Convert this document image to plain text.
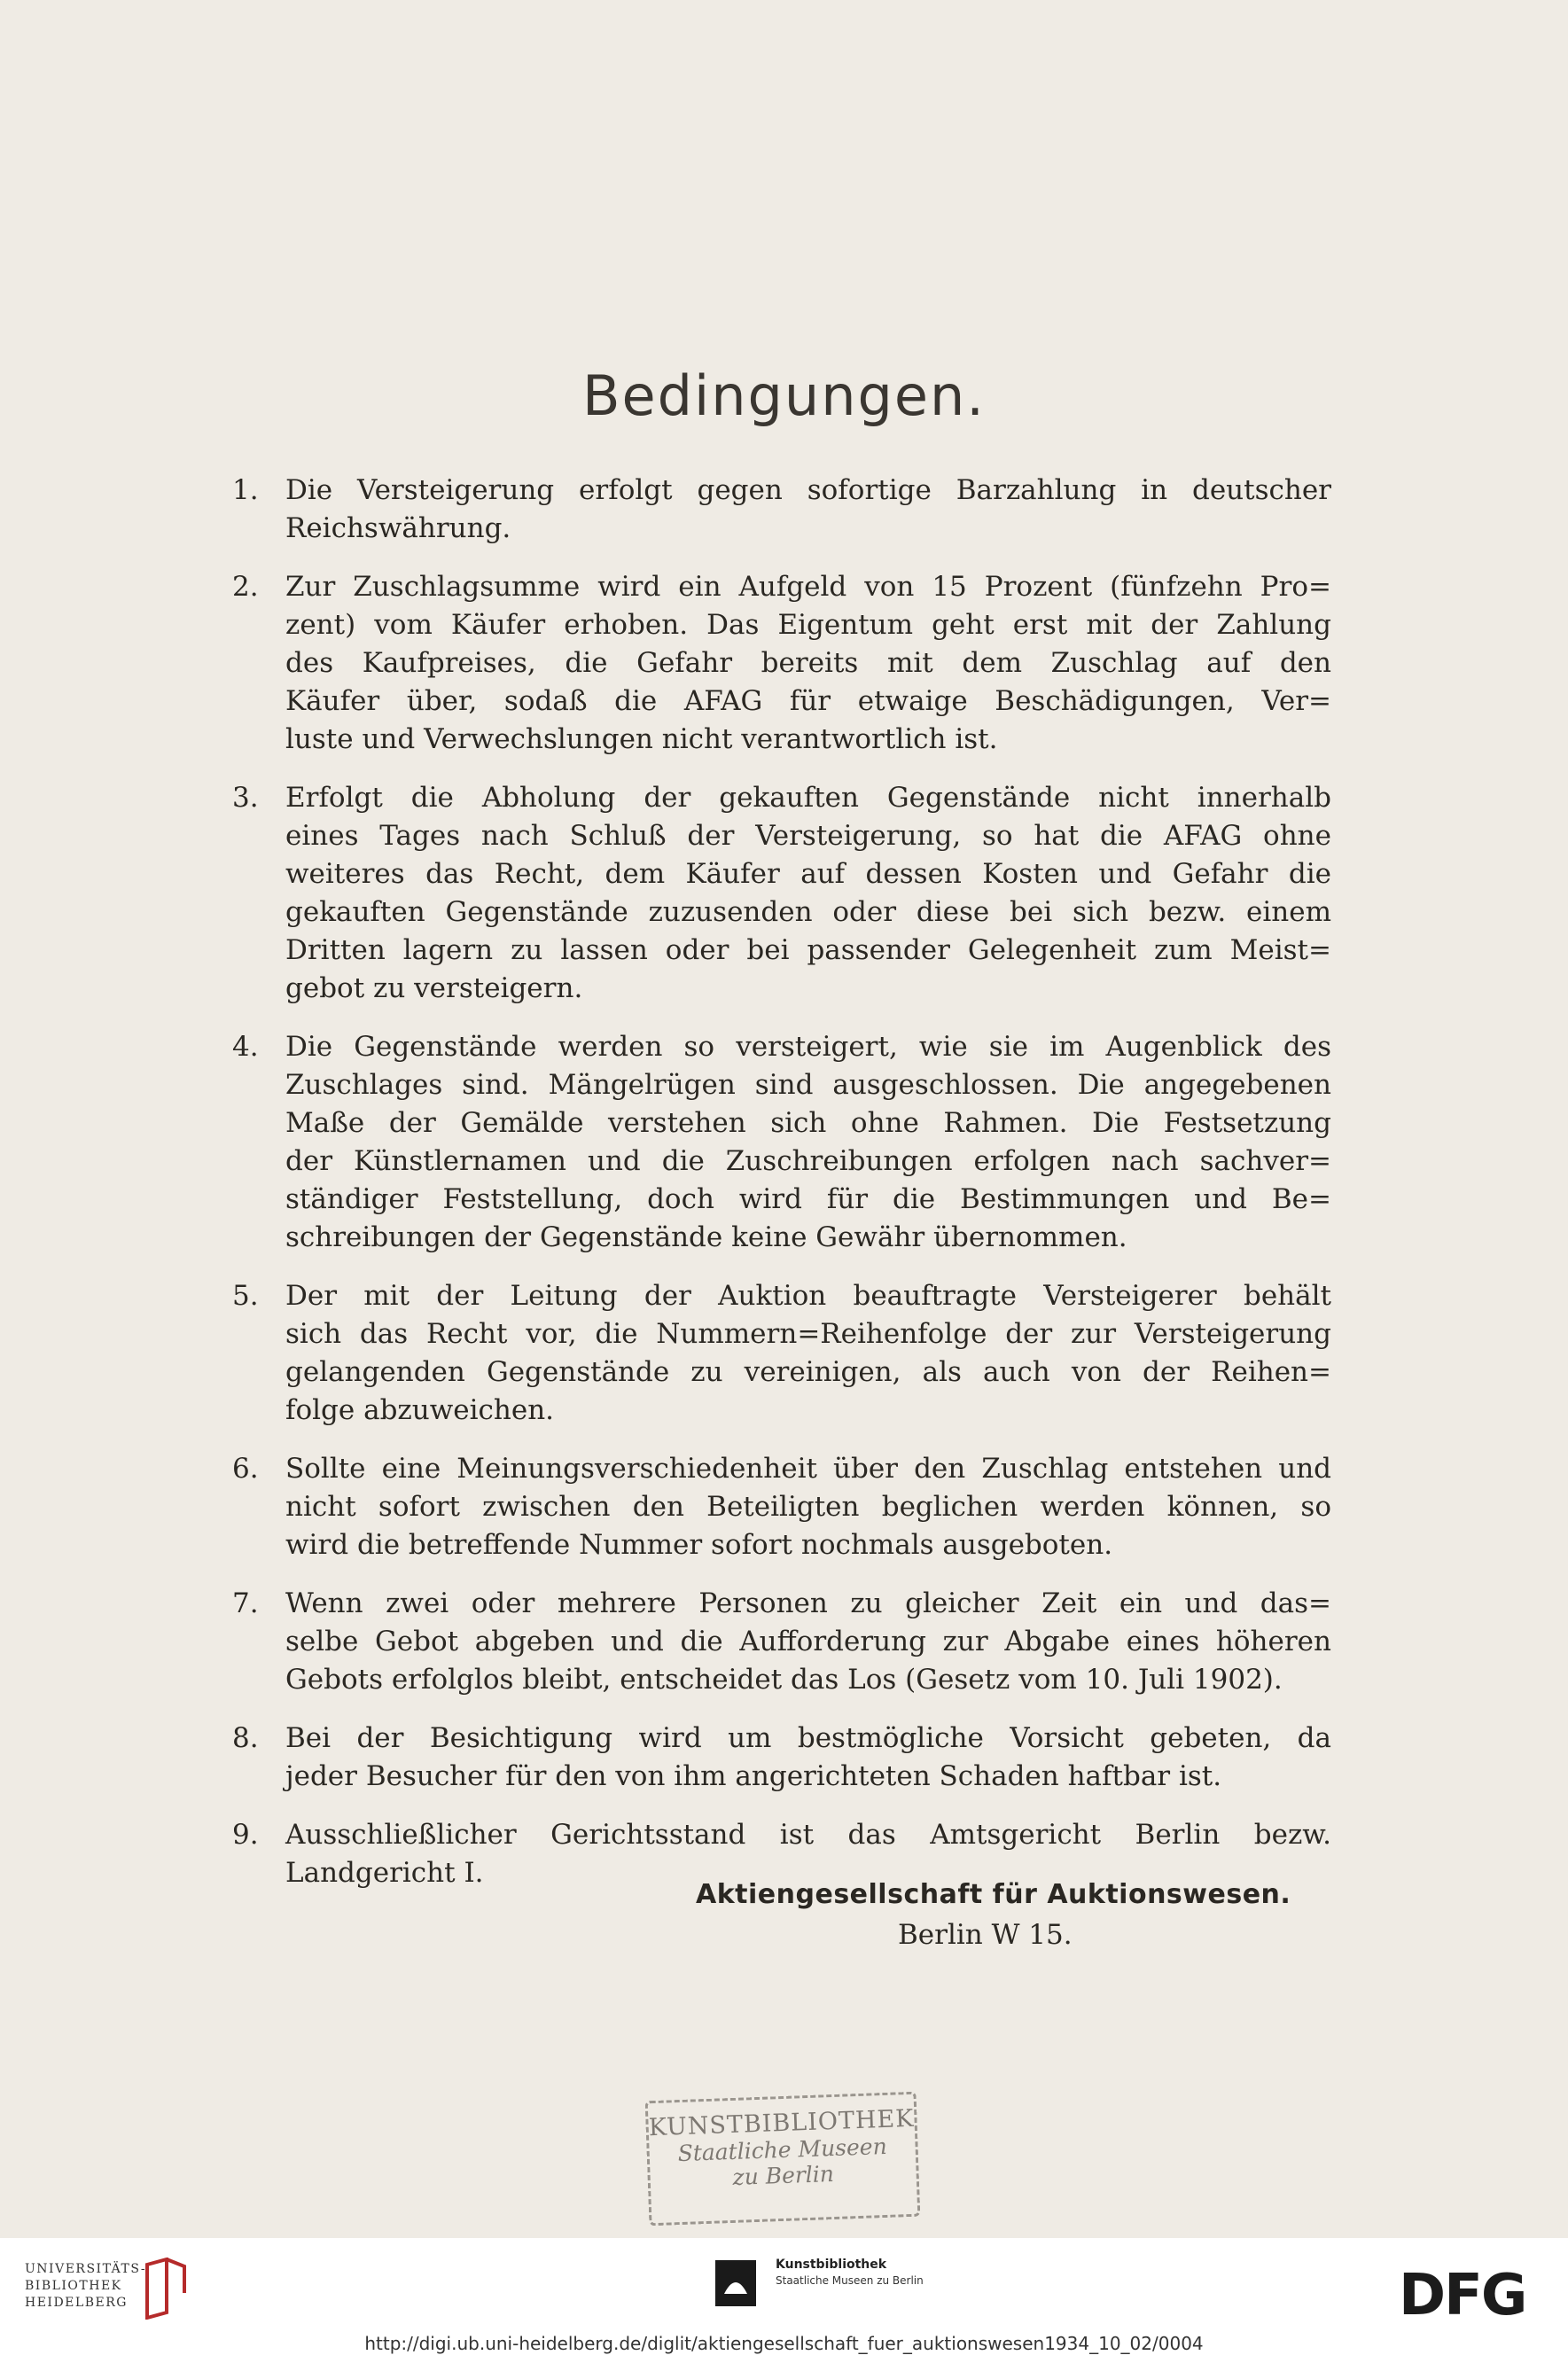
Bedingungen.
1. Die Versteigerung erfolgt gegen sofortige Barzahlung in deutscher
Reichswährung.
2. Zur Zuschlagsumme wird ein Aufgeld von 15 Prozent (fünfzehn Pro=
zent) vom Käufer erhoben. Das Eigentum geht erst mit der Zahlung
des Kaufpreises, die Gefahr bereits mit dem Zuschlag auf den
Käufer über, sodaß die AFAG für etwaige Beschädigungen, Ver=
luste und Verwechslungen nicht verantwortlich ist.
3. Erfolgt die Abholung der gekauften Gegenstände nicht innerhalb
eines Tages nach Schluß der Versteigerung, so hat die AFAG ohne
weiteres das Recht, dem Käufer auf dessen Kosten und Gefahr die
gekauften Gegenstände zuzusenden oder diese bei sich bezw. einem
Dritten lagern zu lassen oder bei passender Gelegenheit zum Meist=
gebot zu versteigern.
4. Die Gegenstände werden so versteigert, wie sie im Augenblick des
Zuschlages sind. Mängelrügen sind ausgeschlossen. Die angegebenen
Maße der Gemälde verstehen sich ohne Rahmen. Die Festsetzung
der Künstlernamen und die Zuschreibungen erfolgen nach sachver=
ständiger Feststellung, doch wird für die Bestimmungen und Be=
schreibungen der Gegenstände keine Gewähr übernommen.
5. Der mit der Leitung der Auktion beauftragte Versteigerer behält
sich das Recht vor, die Nummern=Reihenfolge der zur Versteigerung
gelangenden Gegenstände zu vereinigen, als auch von der Reihen=
folge abzuweichen.
6. Sollte eine Meinungsverschiedenheit über den Zuschlag entstehen und
nicht sofort zwischen den Beteiligten beglichen werden können, so
wird die betreffende Nummer sofort nochmals ausgeboten.
7. Wenn zwei oder mehrere Personen zu gleicher Zeit ein und das=
selbe Gebot abgeben und die Aufforderung zur Abgabe eines höheren
Gebots erfolglos bleibt, entscheidet das Los (Gesetz vom 10. Juli 1902).
8. Bei der Besichtigung wird um bestmögliche Vorsicht gebeten, da
jeder Besucher für den von ihm angerichteten Schaden haftbar ist.
9. Ausschließlicher Gerichtsstand ist das Amtsgericht Berlin bezw.
Landgericht I.
Aktiengesellschaft für Auktionswesen.
Berlin W 15.
KUNSTBIBLIOTHEK
Staatliche Museen
zu Berlin
UNIVERSITÄTS-
BIBLIOTHEK
HEIDELBERG
Kunstbibliothek
Staatliche Museen zu Berlin	DFG
http://digi.ub.uni-heidelberg.de/diglit/aktiengesellschaft_fuer_auktionswesen1934_10_02/0004
